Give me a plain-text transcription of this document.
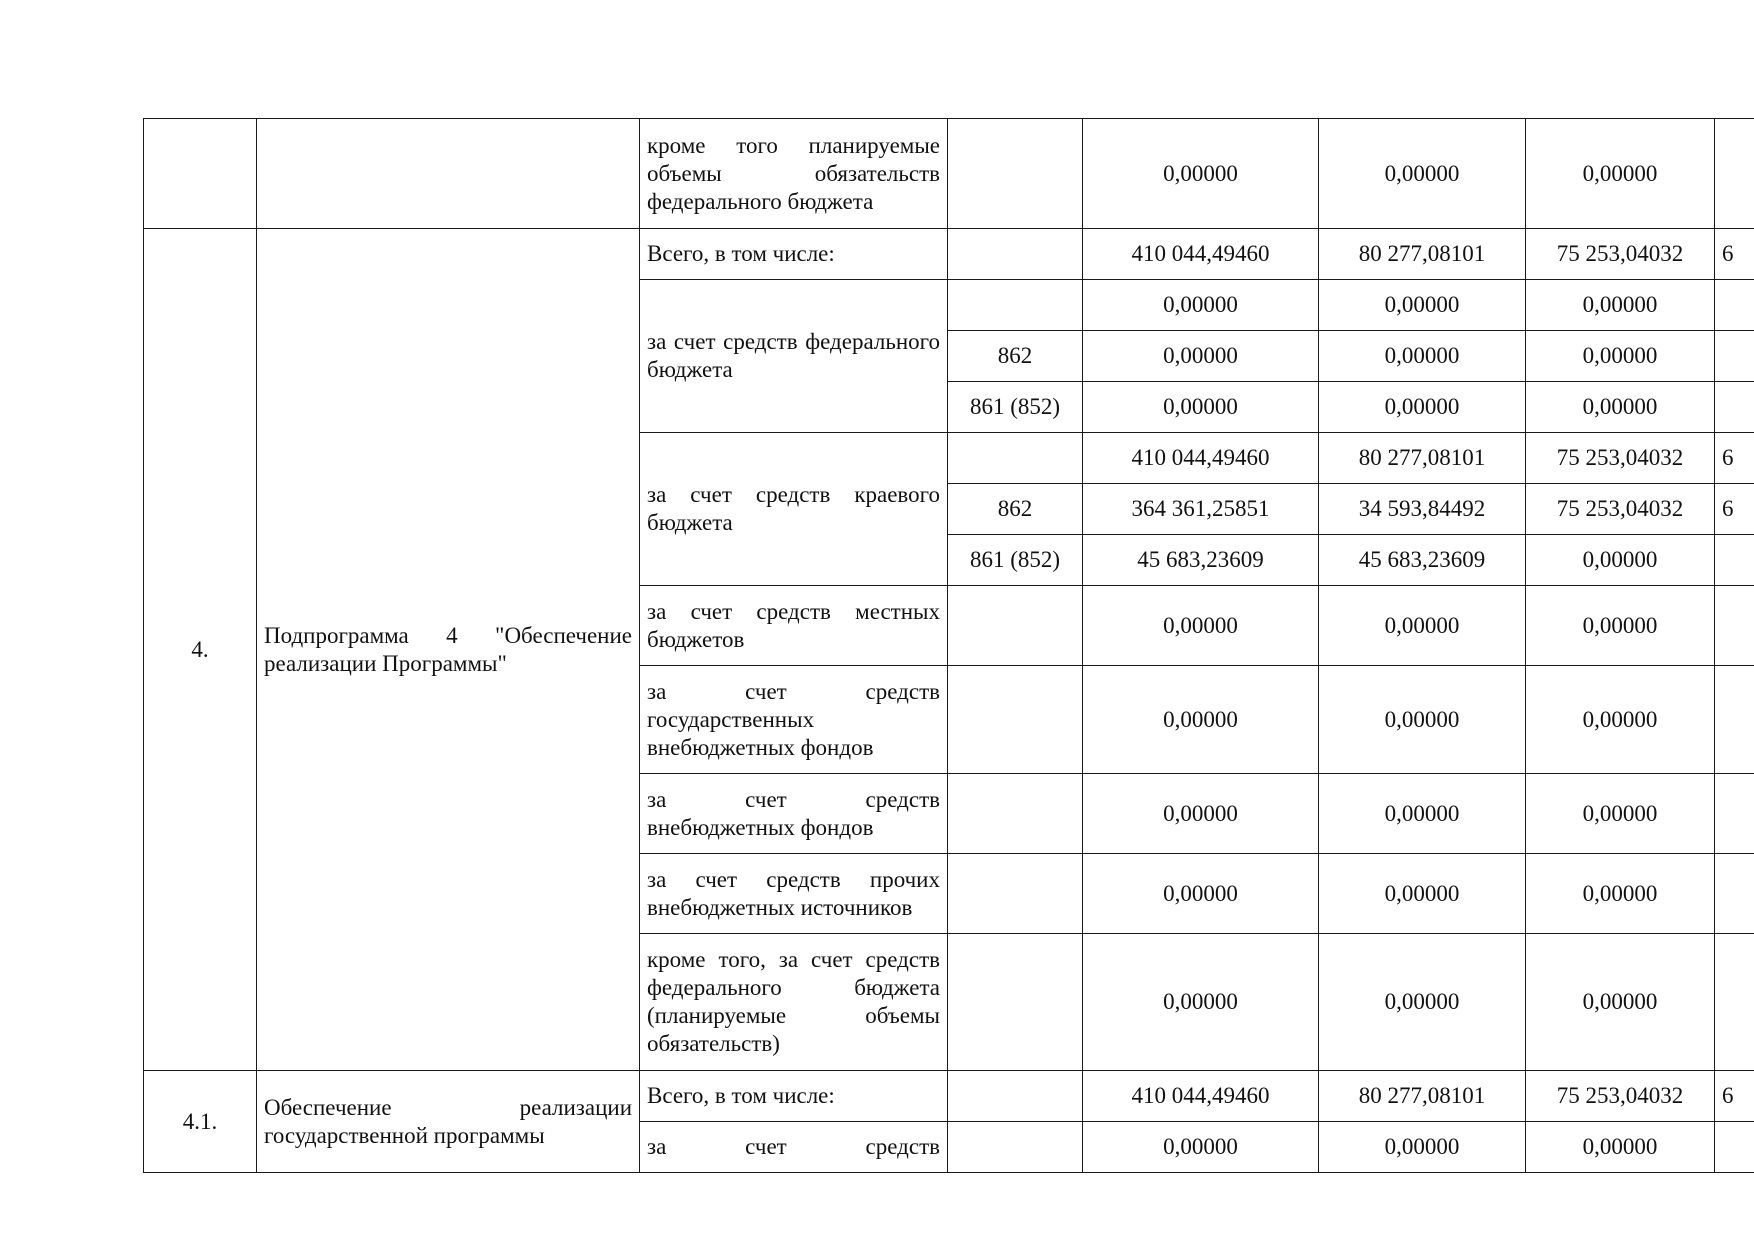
		кроме того планируемые объемы обязательств федерального бюджета		0,00000	0,00000	0,00000	
4.	Подпрограмма 4 "Обеспечение реализации Программы"	Всего, в том числе:		410 044,49460	80 277,08101	75 253,04032	6
		за счет средств федерального бюджета		0,00000	0,00000	0,00000	
			862	0,00000	0,00000	0,00000	
			861 (852)	0,00000	0,00000	0,00000	
		за счет средств краевого бюджета		410 044,49460	80 277,08101	75 253,04032	6
			862	364 361,25851	34 593,84492	75 253,04032	6
			861 (852)	45 683,23609	45 683,23609	0,00000	
		за счет средств местных бюджетов		0,00000	0,00000	0,00000	
		за счет средств государственных внебюджетных фондов		0,00000	0,00000	0,00000	
		за счет средств внебюджетных фондов		0,00000	0,00000	0,00000	
		за счет средств прочих внебюджетных источников		0,00000	0,00000	0,00000	
		кроме того, за счет средств федерального бюджета (планируемые объемы обязательств)		0,00000	0,00000	0,00000	
4.1.	Обеспечение реализации государственной программы	Всего, в том числе:		410 044,49460	80 277,08101	75 253,04032	6
		за счет средств		0,00000	0,00000	0,00000	
